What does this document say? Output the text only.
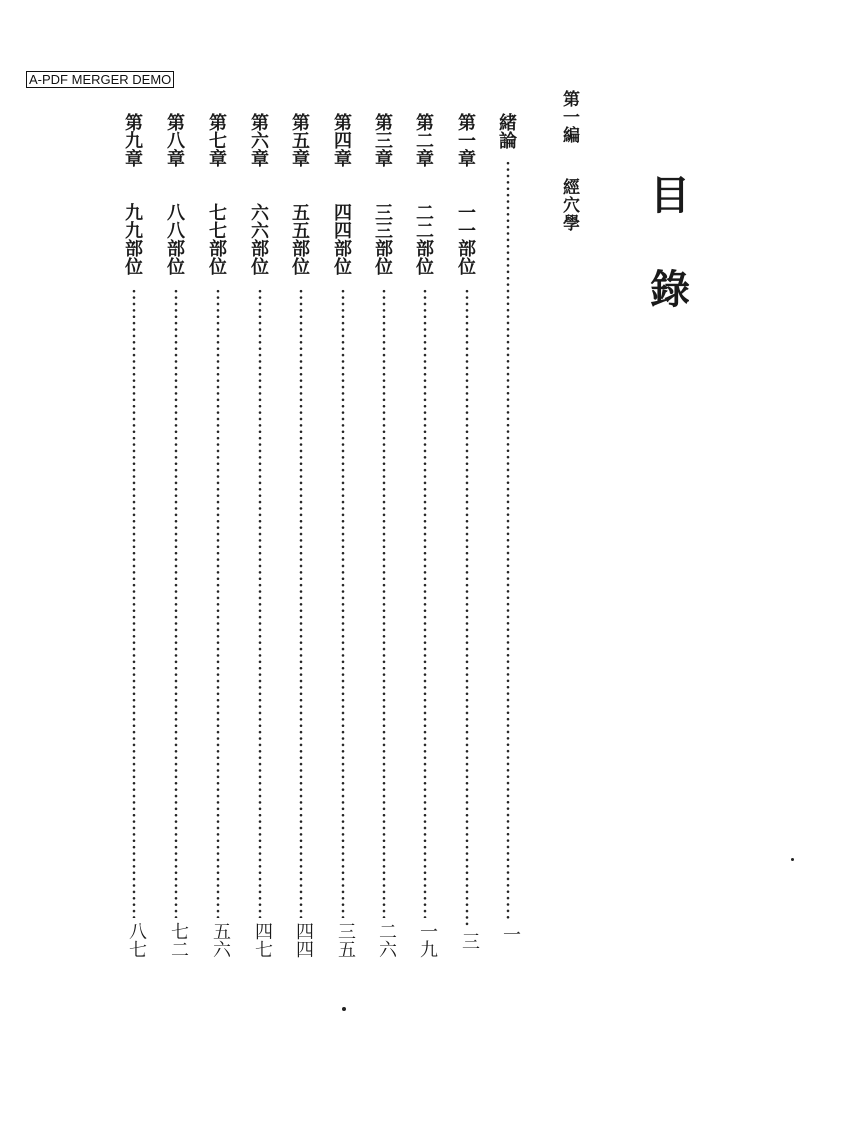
A-PDF MERGER DEMO
目
錄
第一編
經穴學
緒論
一
第一章
一一部位
三
第二章
二二部位
一九
第三章
三三部位
二六
第四章
四四部位
三五
第五章
五五部位
四四
第六章
六六部位
四七
第七章
七七部位
五六
第八章
八八部位
七二
第九章
九九部位
八七
